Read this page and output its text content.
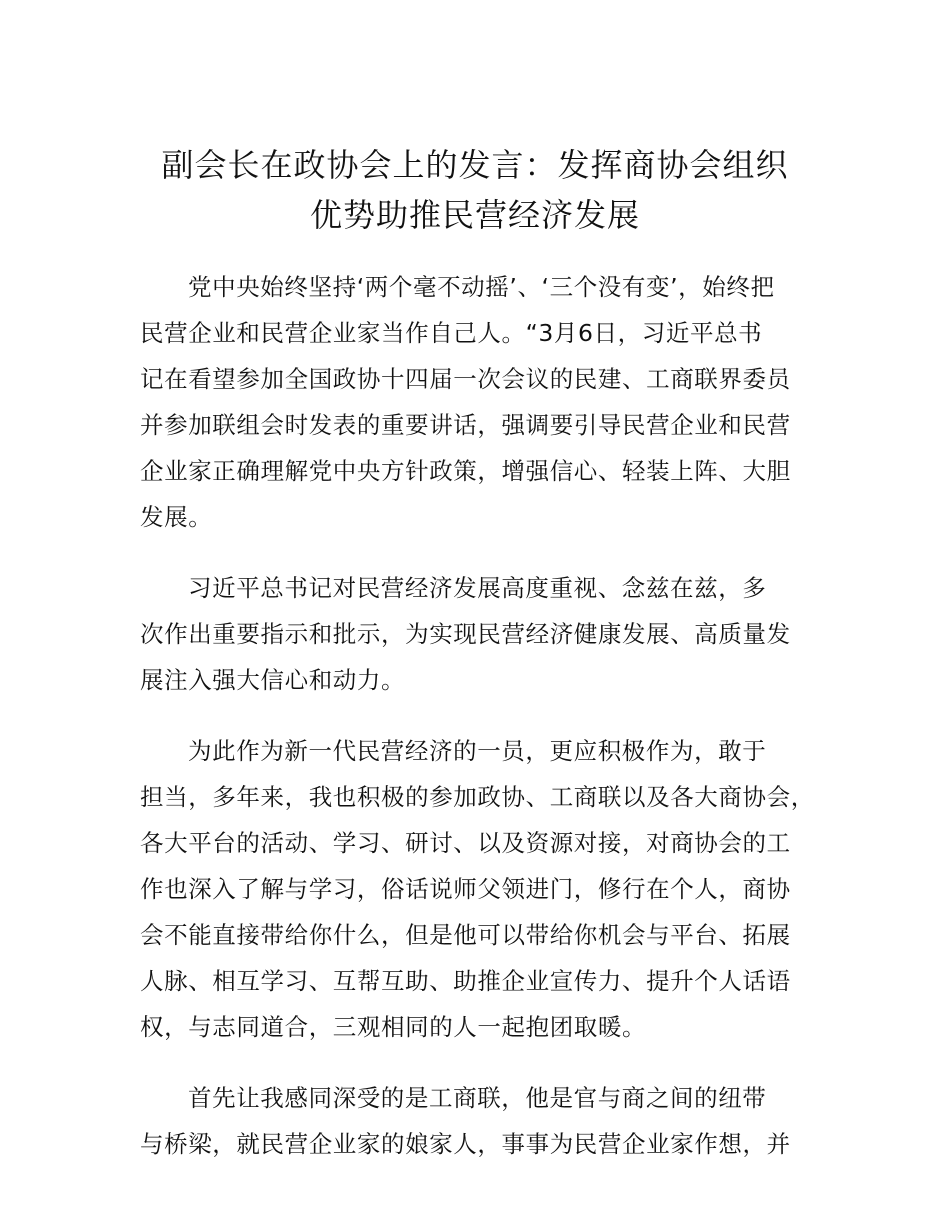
副会长在政协会上的发言：发挥商协会组织
优势助推民营经济发展

党中央始终坚持‘两个毫不动摇’、‘三个没有变’，始终把
民营企业和民营企业家当作自己人。“3月6日，习近平总书
记在看望参加全国政协十四届一次会议的民建、工商联界委员
并参加联组会时发表的重要讲话，强调要引导民营企业和民营
企业家正确理解党中央方针政策，增强信心、轻装上阵、大胆
发展。

习近平总书记对民营经济发展高度重视、念兹在兹，多
次作出重要指示和批示，为实现民营经济健康发展、高质量发
展注入强大信心和动力。

为此作为新一代民营经济的一员，更应积极作为，敢于
担当，多年来，我也积极的参加政协、工商联以及各大商协会，
各大平台的活动、学习、研讨、以及资源对接，对商协会的工
作也深入了解与学习，俗话说师父领进门，修行在个人，商协
会不能直接带给你什么，但是他可以带给你机会与平台、拓展
人脉、相互学习、互帮互助、助推企业宣传力、提升个人话语
权，与志同道合，三观相同的人一起抱团取暖。

首先让我感同深受的是工商联，他是官与商之间的纽带
与桥梁，就民营企业家的娘家人，事事为民营企业家作想，并
